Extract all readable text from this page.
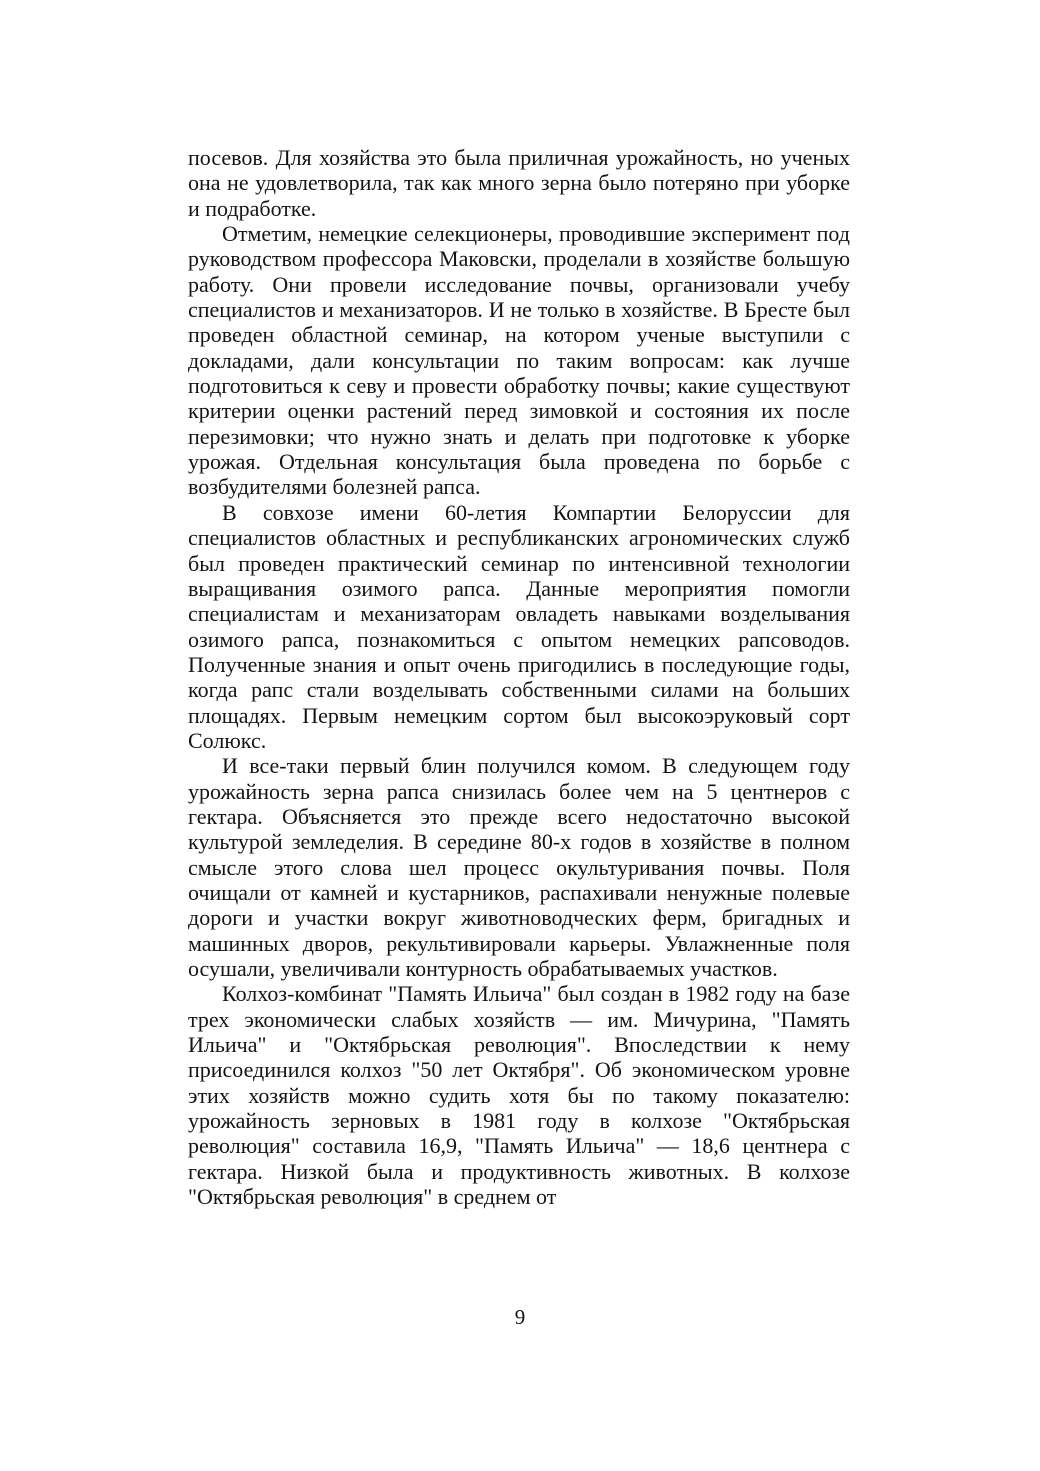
посевов. Для хозяйства это была приличная урожайность, но ученых она не удовлетворила, так как много зерна было потеряно при уборке и подработке.

Отметим, немецкие селекционеры, проводившие эксперимент под руководством профессора Маковски, проделали в хозяйстве большую работу. Они провели исследование почвы, организовали учебу специалистов и механизаторов. И не только в хозяйстве. В Бресте был проведен областной семинар, на котором ученые выступили с докладами, дали консультации по таким вопросам: как лучше подготовиться к севу и провести обработку почвы; какие существуют критерии оценки растений перед зимовкой и состояния их после перезимовки; что нужно знать и делать при подготовке к уборке урожая. Отдельная консультация была проведена по борьбе с возбудителями болезней рапса.

В совхозе имени 60-летия Компартии Белоруссии для специалистов областных и республиканских агрономических служб был проведен практический семинар по интенсивной технологии выращивания озимого рапса. Данные мероприятия помогли специалистам и механизаторам овладеть навыками возделывания озимого рапса, познакомиться с опытом немецких рапсоводов. Полученные знания и опыт очень пригодились в последующие годы, когда рапс стали возделывать собственными силами на больших площадях. Первым немецким сортом был высокоэруковый сорт Солюкс.

И все-таки первый блин получился комом. В следующем году урожайность зерна рапса снизилась более чем на 5 центнеров с гектара. Объясняется это прежде всего недостаточно высокой культурой земледелия. В середине 80-х годов в хозяйстве в полном смысле этого слова шел процесс окультуривания почвы. Поля очищали от камней и кустарников, распахивали ненужные полевые дороги и участки вокруг животноводческих ферм, бригадных и машинных дворов, рекультивировали карьеры. Увлажненные поля осушали, увеличивали контурность обрабатываемых участков.

Колхоз-комбинат "Память Ильича" был создан в 1982 году на базе трех экономически слабых хозяйств — им. Мичурина, "Память Ильича" и "Октябрьская революция". Впоследствии к нему присоединился колхоз "50 лет Октября". Об экономическом уровне этих хозяйств можно судить хотя бы по такому показателю: урожайность зерновых в 1981 году в колхозе "Октябрьская революция" составила 16,9, "Память Ильича" — 18,6 центнера с гектара. Низкой была и продуктивность животных. В колхозе "Октябрьская революция" в среднем от

9
